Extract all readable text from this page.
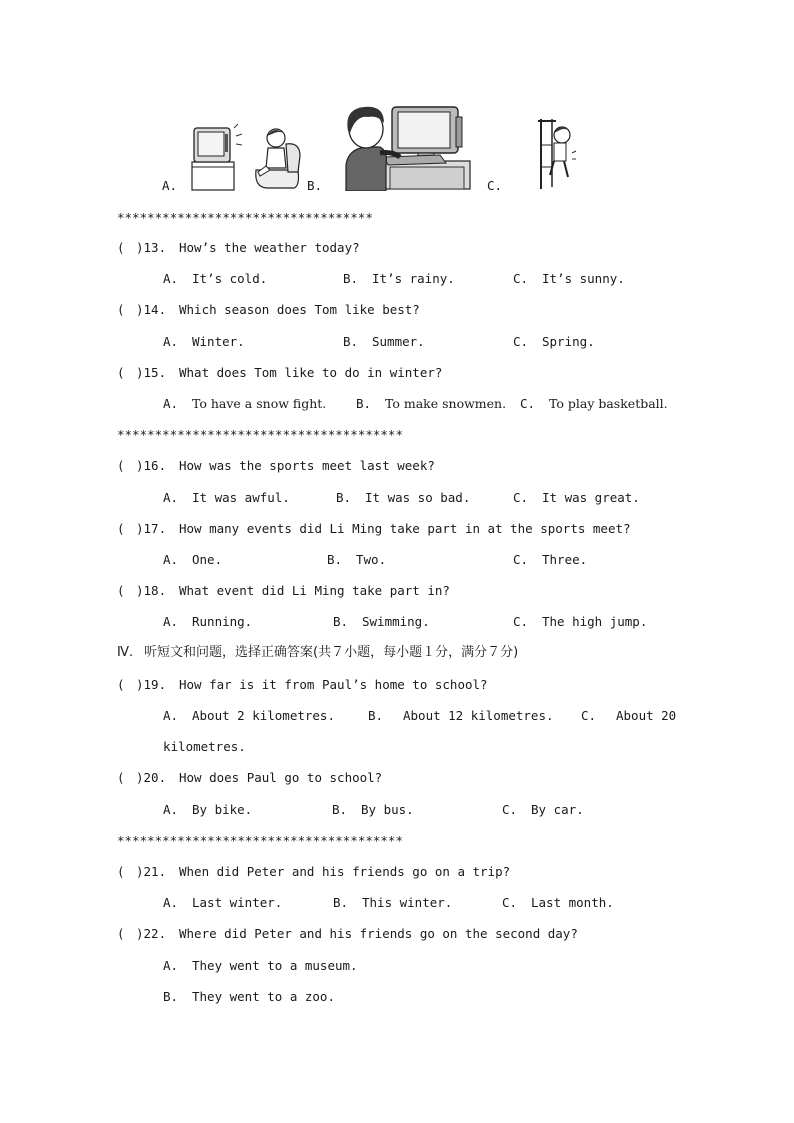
A.	B.	C.
**********************************
( )13. How’s the weather today?
A. It’s cold.	B. It’s rainy.	C. It’s sunny.
( )14. Which season does Tom like best?
A. Winter.	B. Summer.	C. Spring.
( )15. What does Tom like to do in winter?
A. To have a snow fight. B. To make snowmen. C. To play basketball.
**************************************
( )16. How was the sports meet last week?
A. It was awful.	B. It was so bad.	C. It was great.
( )17. How many events did Li Ming take part in at the sports meet?
A. One.	B. Two.	C. Three.
( )18. What event did Li Ming take part in?
A. Running.	B. Swimming.	C. The high jump.
Ⅳ. 听短文和问题，选择正确答案(共７小题，每小题１分，满分７分)
( )19. How far is it from Paul’s home to school?
A. About 2 kilometres.	B. About 12 kilometres. C. About 20
kilometres.
( )20. How does Paul go to school?
A. By bike.	B. By bus.	C. By car.
**************************************
( )21. When did Peter and his friends go on a trip?
A. Last winter.	B. This winter.	C. Last month.
( )22. Where did Peter and his friends go on the second day?
A. They went to a museum.
B. They went to a zoo.
